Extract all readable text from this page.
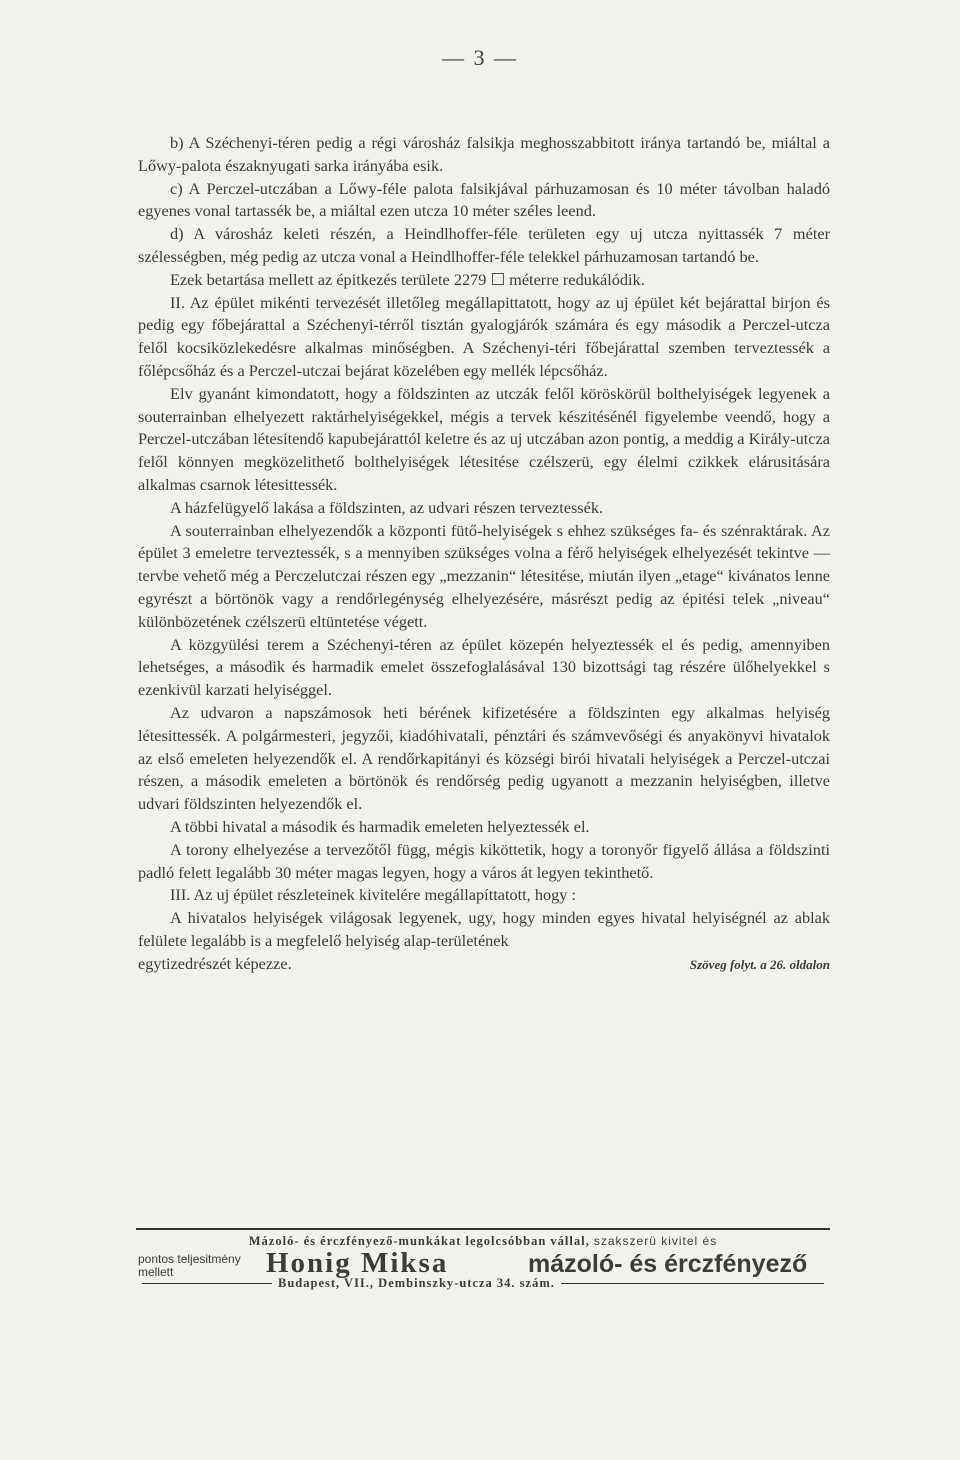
— 3 —

b) A Széchenyi-téren pedig a régi városház falsikja meghosszabbitott iránya tartandó be, miáltal a Lőwy-palota északnyugati sarka irányába esik.

c) A Perczel-utczában a Lőwy-féle palota falsikjával párhuzamosan és 10 méter távolban haladó egyenes vonal tartassék be, a miáltal ezen utcza 10 méter széles leend.

d) A városház keleti részén, a Heindlhoffer-féle területen egy uj utcza nyittassék 7 méter szélességben, még pedig az utcza vonal a Heindlhoffer-féle telekkel párhuzamosan tartandó be.

Ezek betartása mellett az épitkezés területe 2279 ☐ méterre redukálódik.

II. Az épület mikénti tervezését illetőleg megállapittatott, hogy az uj épület két bejárattal birjon és pedig egy főbejárattal a Széchenyi-térről tisztán gyalogjárók számára és egy második a Perczel-utcza felől kocsiközlekedésre alkalmas minőségben. A Széchenyi-téri főbejárattal szemben terveztessék a főlépcsőház és a Perczel-utczai bejárat közelében egy mellék lépcsőház.

Elv gyanánt kimondatott, hogy a földszinten az utczák felől köröskörül bolthelyiségek legyenek a souterrainban elhelyezett raktárhelyiségekkel, mégis a tervek készitésénél figyelembe veendő, hogy a Perczel-utczában létesitendő kapubejárattól keletre és az uj utczában azon pontig, a meddig a Király-utcza felől könnyen megközelithető bolthelyiségek létesitése czélszerü, egy élelmi czikkek elárusitására alkalmas csarnok létesittessék.

A házfelügyelő lakása a földszinten, az udvari részen terveztessék.

A souterrainban elhelyezendők a központi fütő-helyiségek s ehhez szükséges fa- és szénraktárak. Az épület 3 emeletre terveztessék, s a mennyiben szükséges volna a férő helyiségek elhelyezését tekintve — tervbe vehető még a Perczelutczai részen egy „mezzanin“ létesitése, miután ilyen „etage“ kivánatos lenne egyrészt a börtönök vagy a rendőrlegénység elhelyezésére, másrészt pedig az épitési telek „niveau“ különbözetének czélszerü eltüntetése végett.

A közgyülési terem a Széchenyi-téren az épület közepén helyeztessék el és pedig, amennyiben lehetséges, a második és harmadik emelet összefoglalásával 130 bizottsági tag részére ülőhelyekkel s ezenkivül karzati helyiséggel.

Az udvaron a napszámosok heti bérének kifizetésére a földszinten egy alkalmas helyiség létesittessék. A polgármesteri, jegyzői, kiadóhivatali, pénztári és számvevőségi és anyakönyvi hivatalok az első emeleten helyezendők el. A rendőrkapitányi és községi birói hivatali helyiségek a Perczel-utczai részen, a második emeleten a börtönök és rendőrség pedig ugyanott a mezzanin helyiségben, illetve udvari földszinten helyezendők el.

A többi hivatal a második és harmadik emeleten helyeztessék el.

A torony elhelyezése a tervezőtől függ, mégis kiköttetik, hogy a toronyőr figyelő állása a földszinti padló felett legalább 30 méter magas legyen, hogy a város át legyen tekinthető.

III. Az uj épület részleteinek kivitelére megállapíttatott, hogy :

A hivatalos helyiségek világosak legyenek, ugy, hogy minden egyes hivatal helyiségnél az ablak felülete legalább is a megfelelő helyiség alap-területének

egytizedrészét képezze.	Szöveg folyt. a 26. oldalon

Mázoló- és érczfényező-munkákat legolcsóbban vállal, szakszerü kivitel és
pontos teljesitmény mellett	Honig Miksa	mázoló- és érczfényező
Budapest, VII., Dembinszky-utcza 34. szám.
